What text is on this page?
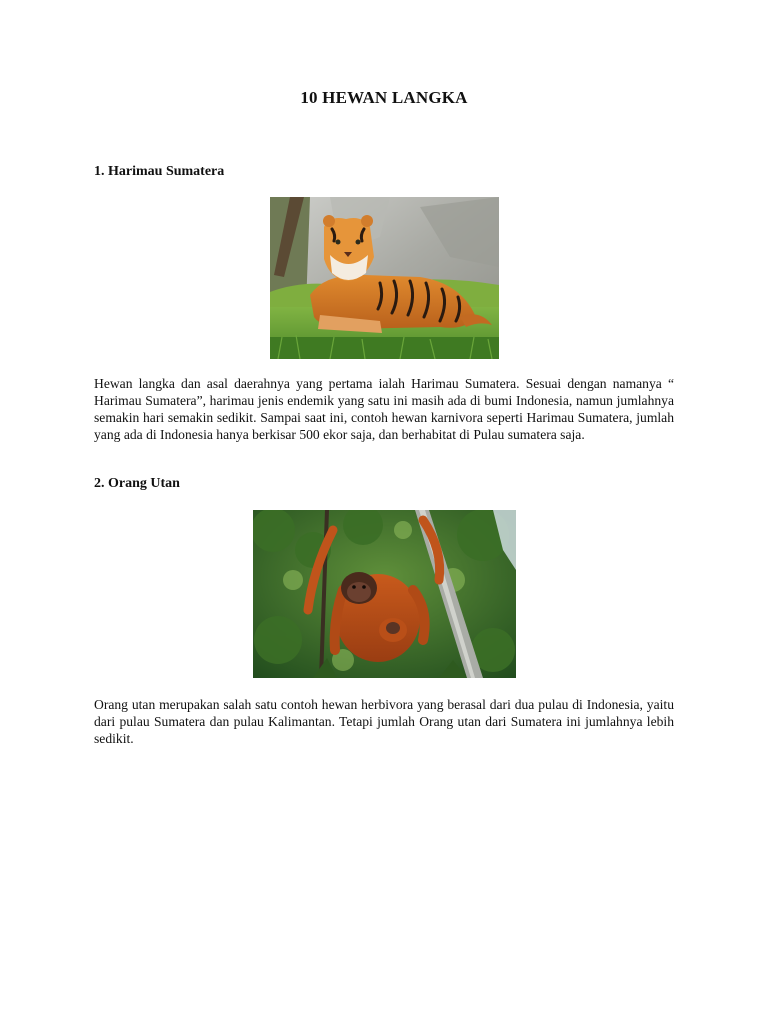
10 HEWAN LANGKA
1. Harimau Sumatera

Hewan langka dan asal daerahnya yang pertama ialah Harimau Sumatera. Sesuai dengan namanya “ Harimau Sumatera”, harimau jenis endemik yang satu ini masih ada di bumi Indonesia, namun jumlahnya semakin hari semakin sedikit. Sampai saat ini, contoh hewan karnivora seperti Harimau Sumatera, jumlah yang ada di Indonesia hanya berkisar 500 ekor saja, dan berhabitat di Pulau sumatera saja.

2. Orang Utan

Orang utan merupakan salah satu contoh hewan herbivora yang berasal dari dua pulau di Indonesia, yaitu dari pulau Sumatera dan pulau Kalimantan. Tetapi jumlah Orang utan dari Sumatera ini jumlahnya lebih sedikit.
